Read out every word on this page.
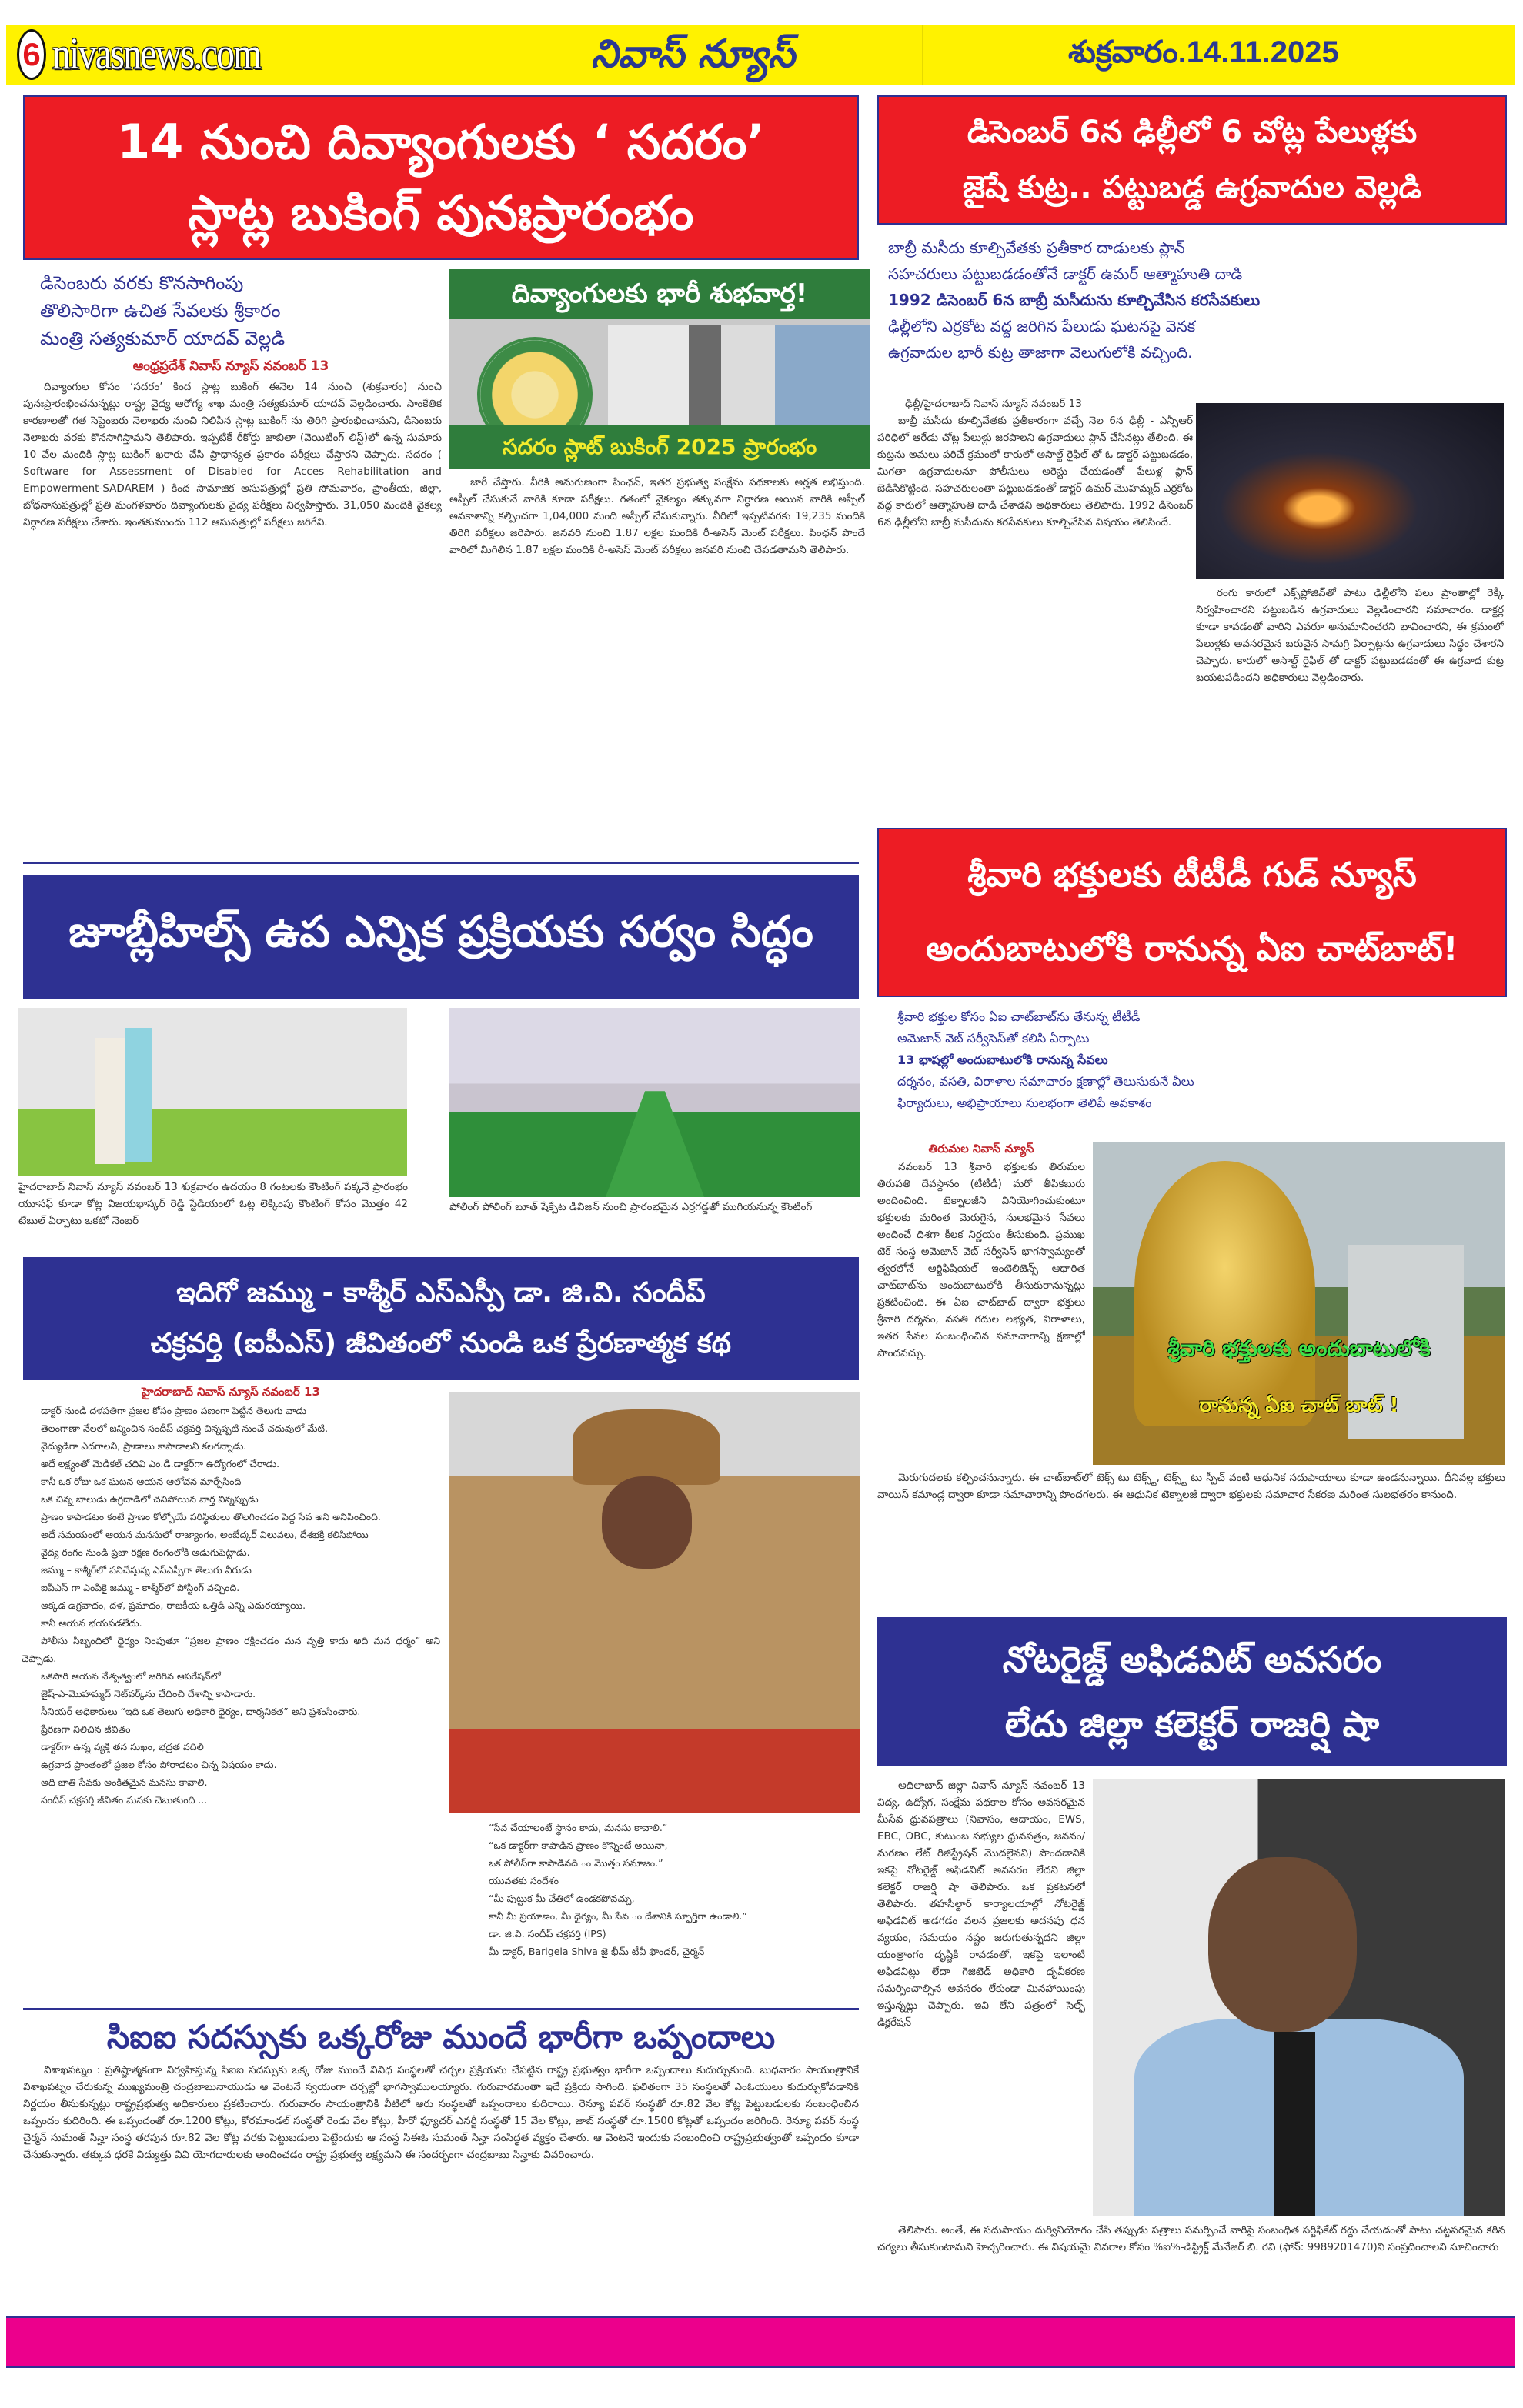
6 nivasnews.com	నివాస్ న్యూస్	శుక్రవారం.14.11.2025
14 నుంచి దివ్యాంగులకు ‘ సదరం’
స్లాట్ల బుకింగ్ పునఃప్రారంభం

డిసెంబరు వరకు కొనసాగింపు

తొలిసారిగా ఉచిత సేవలకు శ్రీకారం

మంత్రి సత్యకుమార్ యాదవ్ వెల్లడి

ఆంధ్రప్రదేశ్ నివాస్ న్యూస్ నవంబర్ 13
దివ్యాంగులకు భారీ శుభవార్త!
సదరం స్లాట్ బుకింగ్ 2025 ప్రారంభం

దివ్యాంగుల కోసం ‘సదరం’ కింద స్లాట్ల బుకింగ్ ఈనెల 14 నుంచి (శుక్రవారం) నుంచి పునఃప్రారంభించనున్నట్లు రాష్ట్ర వైద్య ఆరోగ్య శాఖ మంత్రి సత్యకుమార్ యాదవ్ వెల్లడించారు. సాంకేతిక కారణాలతో గత సెప్టెంబరు నెలాఖరు నుంచి నిలిపిన స్లాట్ల బుకింగ్ ను తిరిగి ప్రారంభించామని, డిసెంబరు నెలాఖరు వరకు కొనసాగిస్తామని తెలిపారు. ఇప్పటికే రీకోర్డు జాబితా (వెయిటింగ్ లిస్ట్)లో ఉన్న సుమారు 10 వేల మందికి స్లాట్ల బుకింగ్ ఖరారు చేసి ప్రాధాన్యత ప్రకారం పరీక్షలు చేస్తారని చెప్పారు. సదరం ( Software for Assessment of Disabled for Acces Rehabilitation and Empowerment-SADAREM ) కింద సామాజిక అసుపత్రుల్లో ప్రతి సోమవారం, ప్రాంతీయ, జిల్లా, బోధనాసుపత్రుల్లో ప్రతి మంగళవారం దివ్యాంగులకు వైద్య పరీక్షలు నిర్వహిస్తారు. 31,050 మందికి వైకల్య నిర్ధారణ పరీక్షలు చేశారు. ఇంతకుముందు 112 ఆసుపత్రుల్లో పరీక్షలు జరిగేవి.

జారీ చేస్తారు. వీరికి అనుగుణంగా పింఛన్, ఇతర ప్రభుత్వ సంక్షేమ పథకాలకు అర్హత లభిస్తుంది. అప్పీల్ చేసుకునే వారికి కూడా పరీక్షలు. గతంలో వైకల్యం తక్కువగా నిర్ధారణ అయిన వారికి అప్పీల్ అవకాశాన్ని కల్పించగా 1,04,000 మంది అప్పీల్ చేసుకున్నారు. వీరిలో ఇప్పటివరకు 19,235 మందికి తిరిగి పరీక్షలు జరిపారు. జనవరి నుంచి 1.87 లక్షల మందికి రీ-అసెస్ మెంట్ పరీక్షలు. పింఛన్ పొందే వారిలో మిగిలిన 1.87 లక్షల మందికి రీ-అసెస్ మెంట్ పరీక్షలు జనవరి నుంచి చేపడతామని తెలిపారు.

డిసెంబర్ 6న ఢిల్లీలో 6 చోట్ల పేలుళ్లకు
జైషే కుట్ర.. పట్టుబడ్డ ఉగ్రవాదుల వెల్లడి

బాబ్రీ మసీదు కూల్చివేతకు ప్రతీకార దాడులకు ప్లాన్

సహచరులు పట్టుబడడంతోనే డాక్టర్ ఉమర్ ఆత్మాహుతి దాడి

1992 డిసెంబర్ 6న బాబ్రీ మసీదును కూల్చివేసిన కరసేవకులు

ఢిల్లీలోని ఎర్రకోట వద్ద జరిగిన పేలుడు ఘటనపై వెనక

ఉగ్రవాదుల భారీ కుట్ర తాజాగా వెలుగులోకి వచ్చింది.

ఢిల్లీ/హైదరాబాద్ నివాస్ న్యూస్ నవంబర్ 13

బాబ్రీ మసీదు కూల్చివేతకు ప్రతీకారంగా వచ్చే నెల 6న ఢిల్లీ - ఎన్సీఆర్ పరిధిలో ఆరేడు చోట్ల పేలుళ్లు జరపాలని ఉగ్రవాదులు ప్లాన్ చేసినట్లు తేలింది. ఈ కుట్రను అమలు పరిచే క్రమంలో కారులో అసాల్ట్ రైఫిల్ తో ఓ డాక్టర్ పట్టుబడడం, మిగతా ఉగ్రవాదులనూ పోలీసులు అరెస్టు చేయడంతో పేలుళ్ల ప్లాన్ బెడిసికొట్టింది. సహచరులంతా పట్టుబడడంతో డాక్టర్ ఉమర్ మొహమ్మద్ ఎర్రకోట వద్ద కారులో ఆత్మాహుతి దాడి చేశాడని అధికారులు తెలిపారు. 1992 డిసెంబర్ 6న ఢిల్లీలోని బాబ్రీ మసీదును కరసేవకులు కూల్చివేసిన విషయం తెలిసిందే.

రంగు కారులో ఎక్స్‌ప్లోజివ్‌తో పాటు ఢిల్లీలోని పలు ప్రాంతాల్లో రెక్కీ నిర్వహించారని పట్టుబడిన ఉగ్రవాదులు వెల్లడించారని సమాచారం. డాక్టర్ల కూడా కావడంతో వారిని ఎవరూ అనుమానించరని భావించారని, ఈ క్రమంలో పేలుళ్లకు అవసరమైన బరువైన సామగ్రి ఏర్పాట్లను ఉగ్రవాదులు సిద్ధం చేశారని చెప్పారు. కారులో అసాల్ట్ రైఫిల్ తో డాక్టర్ పట్టుబడడంతో ఈ ఉగ్రవాద కుట్ర బయటపడిందని అధికారులు వెల్లడించారు.

జూబ్లీహిల్స్ ఉప ఎన్నిక ప్రక్రియకు సర్వం సిద్ధం
హైదరాబాద్ నివాస్ న్యూస్ నవంబర్ 13 శుక్రవారం ఉదయం 8 గంటలకు కౌంటింగ్ పక్కనే ప్రారంభం యూసఫ్ కూడా కోట్ల విజయభాస్కర్ రెడ్డి స్టేడియంలో ఓట్ల లెక్కింపు కౌంటింగ్ కోసం మొత్తం 42 టేబుల్ ఏర్పాటు ఒకటో నెంబర్
పోలింగ్ పోలింగ్ బూత్ షేక్పేట డివిజన్ నుంచి ప్రారంభమైన ఎర్రగడ్డతో ముగియనున్న కౌంటింగ్
శ్రీవారి భక్తులకు టీటీడీ గుడ్ న్యూస్
అందుబాటులోకి రానున్న ఏఐ చాట్‌బాట్!

శ్రీవారి భక్తుల కోసం ఏఐ చాట్‌బాట్‌ను తేనున్న టీటీడీ

అమెజాన్ వెబ్ సర్వీసెస్‌తో కలిసి ఏర్పాటు

13 భాషల్లో అందుబాటులోకి రానున్న సేవలు

దర్శనం, వసతి, విరాళాల సమాచారం క్షణాల్లో తెలుసుకునే వీలు

ఫిర్యాదులు, అభిప్రాయాలు సులభంగా తెలిపే అవకాశం

తిరుమల నివాస్ న్యూస్

నవంబర్ 13 శ్రీవారి భక్తులకు తిరుమల తిరుపతి దేవస్థానం (టీటీడీ) మరో తీపికబురు అందించింది. టెక్నాలజీని వినియోగించుకుంటూ భక్తులకు మరింత మెరుగైన, సులభమైన సేవలు అందించే దిశగా కీలక నిర్ణయం తీసుకుంది. ప్రముఖ టెక్ సంస్థ అమెజాన్ వెబ్ సర్వీసెస్ భాగస్వామ్యంతో త్వరలోనే ఆర్టిఫిషియల్ ఇంటెలిజెన్స్ ఆధారిత చాట్‌బాట్‌ను అందుబాటులోకి తీసుకురానున్నట్లు ప్రకటించింది. ఈ ఏఐ చాట్‌బాట్ ద్వారా భక్తులు శ్రీవారి దర్శనం, వసతి గదుల లభ్యత, విరాళాలు, ఇతర సేవల సంబంధించిన సమాచారాన్ని క్షణాల్లో పొందవచ్చు.	శ్రీవారి భక్తులకు అందుబాటులోకి
రానున్న ఏఐ చాట్ బాట్ !

మెరుగుదలకు కల్పించనున్నారు. ఈ చాట్‌బాట్‌లో టెక్స్ టు టెక్స్ట్, టెక్స్ట్ టు స్పీచ్ వంటి ఆధునిక సదుపాయాలు కూడా ఉండనున్నాయి. దీనివల్ల భక్తులు వాయిస్ కమాండ్ల ద్వారా కూడా సమాచారాన్ని పొందగలరు. ఈ ఆధునిక టెక్నాలజీ ద్వారా భక్తులకు సమాచార సేకరణ మరింత సులభతరం కానుంది.

ఇదిగో జమ్ము - కాశ్మీర్ ఎస్ఎస్పీ డా. జి.వి. సందీప్
చక్రవర్తి (ఐపీఎస్) జీవితంలో నుండి ఒక ప్రేరణాత్మక కథ
హైదరాబాద్ నివాస్ న్యూస్ నవంబర్ 13

డాక్టర్ నుండి దళపతిగా ప్రజల కోసం ప్రాణం పణంగా పెట్టిన తెలుగు వాడు

తెలంగాణా నేలలో జన్మించిన సందీప్ చక్రవర్తి చిన్నప్పటి నుంచే చదువులో మేటి.

వైద్యుడిగా ఎదగాలని, ప్రాణాలు కాపాడాలని కలగన్నాడు.

అదే లక్ష్యంతో మెడికల్ చదివి ఎం.డి.డాక్టర్‌గా ఉద్యోగంలో చేరాడు.

కానీ ఒక రోజు ఒక ఘటన ఆయన ఆలోచన మార్చేసింది

ఒక చిన్న బాలుడు ఉగ్రదాడిలో చనిపోయిన వార్త విన్నప్పుడు

ప్రాణం కాపాడటం కంటే ప్రాణం కోల్పోయే పరిస్థితులు తొలగించడం పెద్ద సేవ అని అనిపించింది.

అదే సమయంలో ఆయన మనసులో రాజ్యాంగం, అంబేద్కర్ విలువలు, దేశభక్తి కలిసిపోయి

వైద్య రంగం నుండి ప్రజా రక్షణ రంగంలోకి అడుగుపెట్టాడు.

జమ్ము – కాశ్మీర్‌లో పనిచేస్తున్న ఎస్ఎస్పీగా తెలుగు వీరుడు

ఐపీఎస్ గా ఎంపికై జమ్ము - కాశ్మీర్‌లో పోస్టింగ్ వచ్చింది.

అక్కడ ఉగ్రవాదం, దళ, ప్రమాదం, రాజకీయ ఒత్తిడి ఎన్ని ఎదురయ్యాయి.

కానీ ఆయన భయపడలేదు.

పోలీసు సిబ్బందిలో ధైర్యం నింపుతూ “ప్రజల ప్రాణం రక్షించడం మన వృత్తి కాదు అది మన ధర్మం” అని చెప్పాడు.

ఒకసారి ఆయన నేతృత్వంలో జరిగిన ఆపరేషన్‌లో

జైష్-ఎ-మొహమ్మద్ నెట్‌వర్క్‌ను ఛేదించి దేశాన్ని కాపాడారు.

సీనియర్ అధికారులు “ఇది ఒక తెలుగు అధికారి ధైర్యం, దార్శనికత” అని ప్రశంసించారు.

ప్రేరణగా నిలిచిన జీవితం

డాక్టర్‌గా ఉన్న వ్యక్తి తన సుఖం, భద్రత వదిలి

ఉగ్రవాద ప్రాంతంలో ప్రజల కోసం పోరాడటం చిన్న విషయం కాదు.

అది జాతి సేవకు అంకితమైన మనసు కావాలి.

సందీప్ చక్రవర్తి జీవితం మనకు చెబుతుంది ...

“సేవ చేయాలంటే స్థానం కాదు, మనసు కావాలి.”

“ఒక డాక్టర్‌గా కాపాడిన ప్రాణం కొన్నింటే అయినా,

ఒక పోలీస్‌గా కాపాడినది ం మొత్తం సమాజం.”

యువతకు సందేశం

“మీ పుట్టుక మీ చేతిలో ఉండకపోవచ్చు,

కానీ మీ ప్రయాణం, మీ ధైర్యం, మీ సేవ ం దేశానికి స్ఫూర్తిగా ఉండాలి.”

డా. జి.వి. సందీప్ చక్రవర్తి (IPS)

మీ డాక్టర్, Barigela Shiva జై భీమ్ టీవీ ఫౌండర్, చైర్మన్

నోటరైజ్డ్ అఫిడవిట్ అవసరం
లేదు జిల్లా కలెక్టర్ రాజర్షి షా

అదిలాబాద్ జిల్లా నివాస్ న్యూస్ నవంబర్ 13 విద్య, ఉద్యోగ, సంక్షేమ పథకాల కోసం అవసరమైన మీసేవ ధ్రువపత్రాలు (నివాసం, ఆదాయం, EWS, EBC, OBC, కుటుంబ సభ్యుల ధ్రువపత్రం, జననం/మరణం లేట్ రిజిస్ట్రేషన్ మొదలైనవి) పొందడానికి ఇకపై నోటరైజ్డ్ అఫిడవిట్ అవసరం లేదని జిల్లా కలెక్టర్ రాజర్షి షా తెలిపారు. ఒక ప్రకటనలో తెలిపారు. తహసీల్దార్ కార్యాలయాల్లో నోటరైజ్డ్ అఫిడవిట్ అడగడం వలన ప్రజలకు అదనపు ధన వ్యయం, సమయం నష్టం జరుగుతున్నదని జిల్లా యంత్రాంగం దృష్టికి రావడంతో, ఇకపై ఇలాంటి అఫిడవిట్లు లేదా గెజిటెడ్ అధికారి ధృవీకరణ సమర్పించాల్సిన అవసరం లేకుండా మినహాయింపు ఇస్తున్నట్లు చెప్పారు. ఇవి లేని పత్రంలో సెల్ఫ్ డిక్లరేషన్

తెలిపారు. అంతే, ఈ సదుపాయం దుర్వినియోగం చేసి తప్పుడు పత్రాలు సమర్పించే వారిపై సంబంధిత సర్టిఫికేట్ రద్దు చేయడంతో పాటు చట్టపరమైన కఠిన చర్యలు తీసుకుంటామని హెచ్చరించారు. ఈ విషయమై వివరాల కోసం %ఐ%-డిస్ట్రిక్ట్ మేనేజర్ బి. రవి (ఫోన్: 9989201470)ని సంప్రదించాలని సూచించారు

సిఐఐ సదస్సుకు ఒక్కరోజు ముందే భారీగా ఒప్పందాలు

విశాఖపట్నం : ప్రతిష్టాత్మకంగా నిర్వహిస్తున్న సిఐఐ సదస్సుకు ఒక్క రోజు ముందే వివిధ సంస్థలతో చర్చల ప్రక్రియను చేపట్టిన రాష్ట్ర ప్రభుత్వం భారీగా ఒప్పందాలు కుదుర్చుకుంది. బుధవారం సాయంత్రానికే విశాఖపట్నం చేరుకున్న ముఖ్యమంత్రి చంద్రబాబునాయుడు ఆ వెంటనే స్వయంగా చర్చల్లో భాగస్వాములయ్యారు. గురువారమంతా ఇదే ప్రక్రియ సాగింది. ఫలితంగా 35 సంస్థలతో ఎంఓయులు కుదుర్చుకోవడానికి నిర్ణయం తీసుకున్నట్లు రాష్ట్రప్రభుత్వ అధికారులు ప్రకటించారు. గురువారం సాయంత్రానికి వీటిలో ఆరు సంస్థలతో ఒప్పందాలు కుదిరాయి. రెన్యూ పవర్ సంస్థతో రూ.82 వేల కోట్ల పెట్టుబడులకు సంబంధించిన ఒప్పందం కుదిరింది. ఈ ఒప్పందంతో రూ.1200 కోట్లు, కోరమాండల్ సంస్థతో రెండు వేల కోట్లు, హీరో ఫ్యూచర్ ఎనర్జీ సంస్థతో 15 వేల కోట్లు, జాబ్ సంస్థతో రూ.1500 కోట్లతో ఒప్పందం జరిగింది. రెన్యూ పవర్ సంస్థ చైర్మన్ సుమంత్ సిన్హా సంస్థ తరపున రూ.82 వెల కోట్ల వరకు పెట్టుబడులు పెట్టేందుకు ఆ సంస్థ సిఈఓ సుమంత్ సిన్హా సంసిద్ధత వ్యక్తం చేశారు. ఆ వెంటనే ఇందుకు సంబంధించి రాష్ట్రప్రభుత్వంతో ఒప్పందం కూడా చేసుకున్నారు. తక్కువ ధరకే విద్యుత్తు వివి యోగదారులకు అందించడం రాష్ట్ర ప్రభుత్వ లక్ష్యమని ఈ సందర్భంగా చంద్రబాబు సిన్హాకు వివరించారు.
